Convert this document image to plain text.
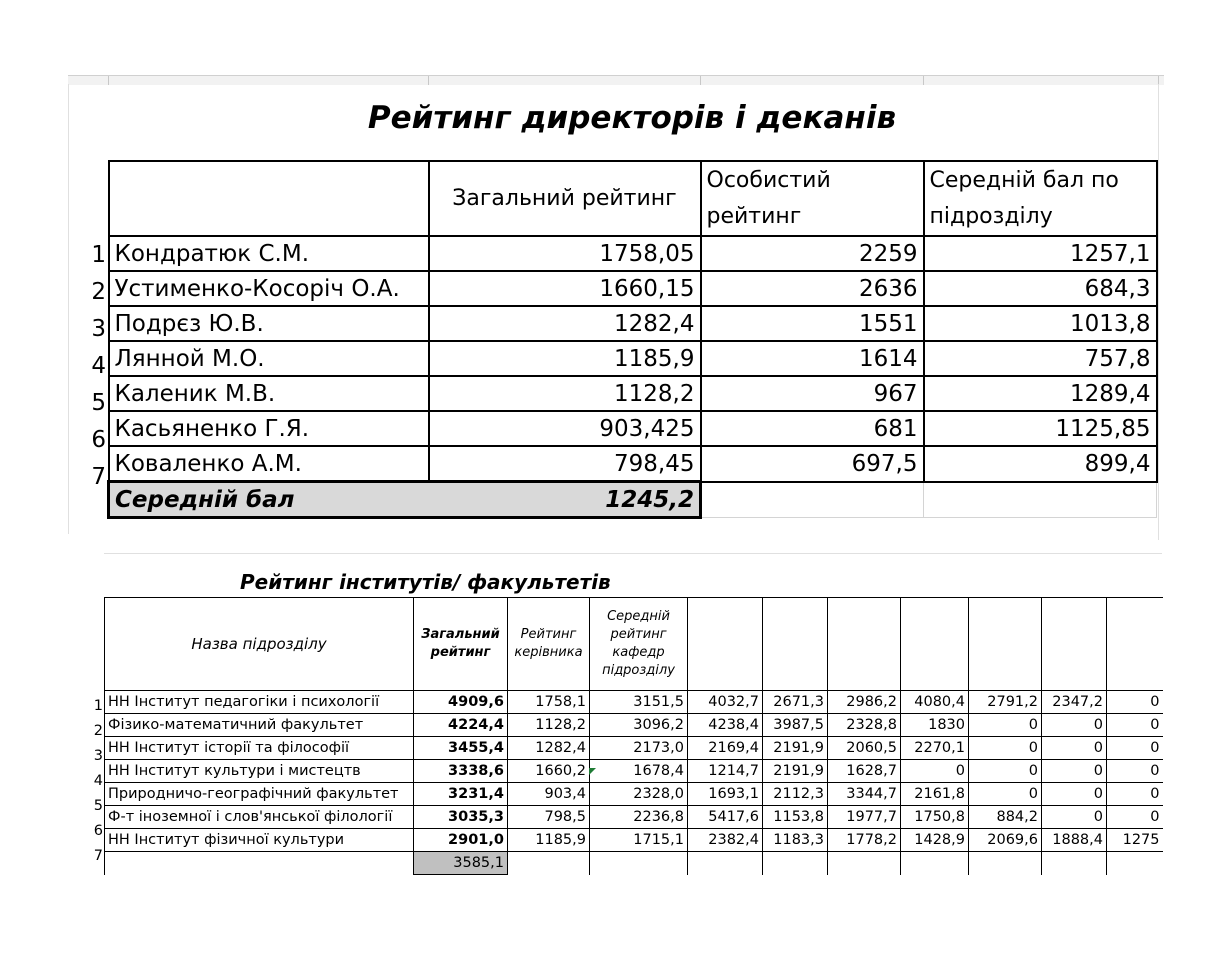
Рейтинг директорів і деканів
1
2
3
4
5
6
7
	Загальний рейтинг	Особистий рейтинг	Середній бал по підрозділу
Кондратюк С.М.	1758,05	2259	1257,1
Устименко-Косоріч О.А.	1660,15	2636	684,3
Подрєз Ю.В.	1282,4	1551	1013,8
Лянной М.О.	1185,9	1614	757,8
Каленик М.В.	1128,2	967	1289,4
Касьяненко Г.Я.	903,425	681	1125,85
Коваленко А.М.	798,45	697,5	899,4
Середній бал 1245,2			

Рейтинг інститутів/ факультетів
1
2
3
4
5
6
7
Назва підрозділу	Загальний рейтинг	Рейтинг керівника	Середній рейтинг кафедр підрозділу							
НН Інститут педагогіки і психології	4909,6	1758,1	3151,5	4032,7	2671,3	2986,2	4080,4	2791,2	2347,2	0
Фізико-математичний факультет	4224,4	1128,2	3096,2	4238,4	3987,5	2328,8	1830	0	0	0
НН Інститут історії та філософії	3455,4	1282,4	2173,0	2169,4	2191,9	2060,5	2270,1	0	0	0
НН Інститут культури і мистецтв	3338,6	1660,2	1678,4	1214,7	2191,9	1628,7	0	0	0	0
Природничо-географічний факультет	3231,4	903,4	2328,0	1693,1	2112,3	3344,7	2161,8	0	0	0
Ф-т іноземної і слов'янської філології	3035,3	798,5	2236,8	5417,6	1153,8	1977,7	1750,8	884,2	0	0
НН Інститут фізичної культури	2901,0	1185,9	1715,1	2382,4	1183,3	1778,2	1428,9	2069,6	1888,4	1275
	3585,1									
